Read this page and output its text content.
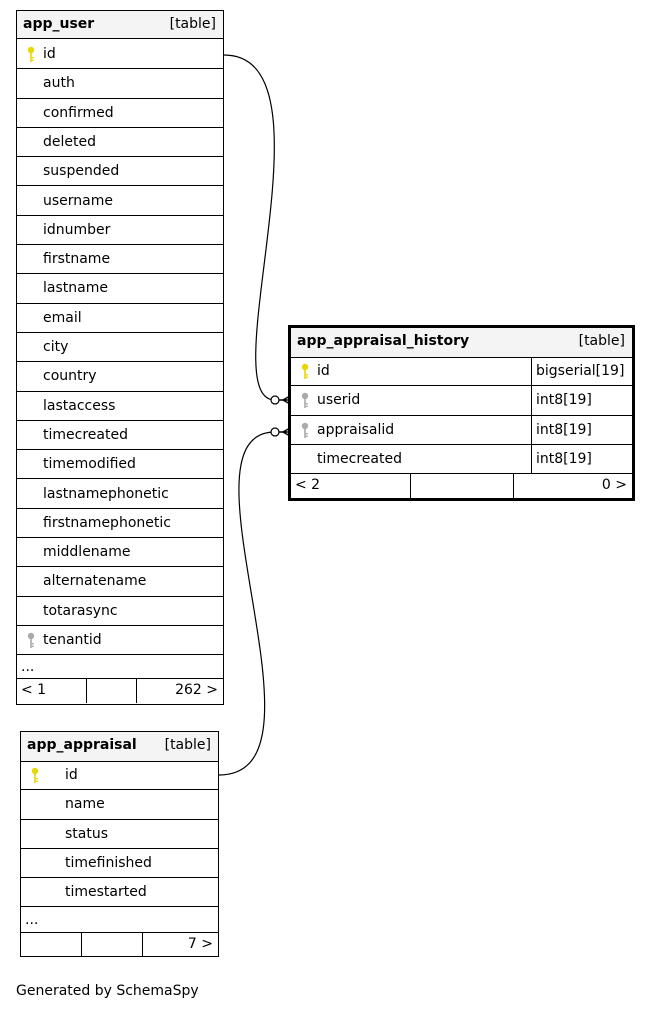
app_user	[table]
id
auth
confirmed
deleted
suspended
username
idnumber
firstname
lastname
email
city
country
lastaccess
timecreated
timemodified
lastnamephonetic
firstnamephonetic
middlename
alternatename
totarasync
tenantid
...
< 1	262 >
app_appraisal_history	[table]
id	bigserial[19]
userid	int8[19]
appraisalid	int8[19]
timecreated	int8[19]
< 2	0 >
app_appraisal [table]
id
name
status
timefinished
timestarted
...
7 >
Generated by SchemaSpy
